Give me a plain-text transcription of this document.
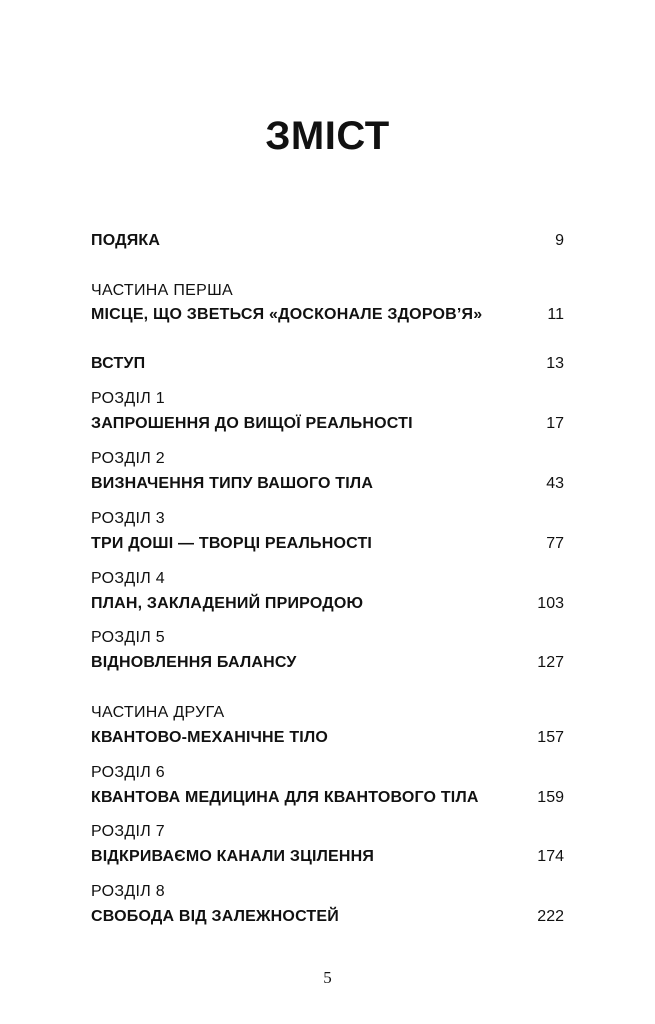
ЗМІСТ
ПОДЯКА	9
ЧАСТИНА ПЕРША
МІСЦЕ, ЩО ЗВЕТЬСЯ «ДОСКОНАЛЕ ЗДОРОВ’Я»	11
ВСТУП	13
РОЗДІЛ 1
ЗАПРОШЕННЯ ДО ВИЩОЇ РЕАЛЬНОСТІ	17
РОЗДІЛ 2
ВИЗНАЧЕННЯ ТИПУ ВАШОГО ТІЛА	43
РОЗДІЛ 3
ТРИ ДОШІ — ТВОРЦІ РЕАЛЬНОСТІ	77
РОЗДІЛ 4
ПЛАН, ЗАКЛАДЕНИЙ ПРИРОДОЮ	103
РОЗДІЛ 5
ВІДНОВЛЕННЯ БАЛАНСУ	127
ЧАСТИНА ДРУГА
КВАНТОВО-МЕХАНІЧНЕ ТІЛО	157
РОЗДІЛ 6
КВАНТОВА МЕДИЦИНА ДЛЯ КВАНТОВОГО ТІЛА	159
РОЗДІЛ 7
ВІДКРИВАЄМО КАНАЛИ ЗЦІЛЕННЯ	174
РОЗДІЛ 8
СВОБОДА ВІД ЗАЛЕЖНОСТЕЙ	222
5
